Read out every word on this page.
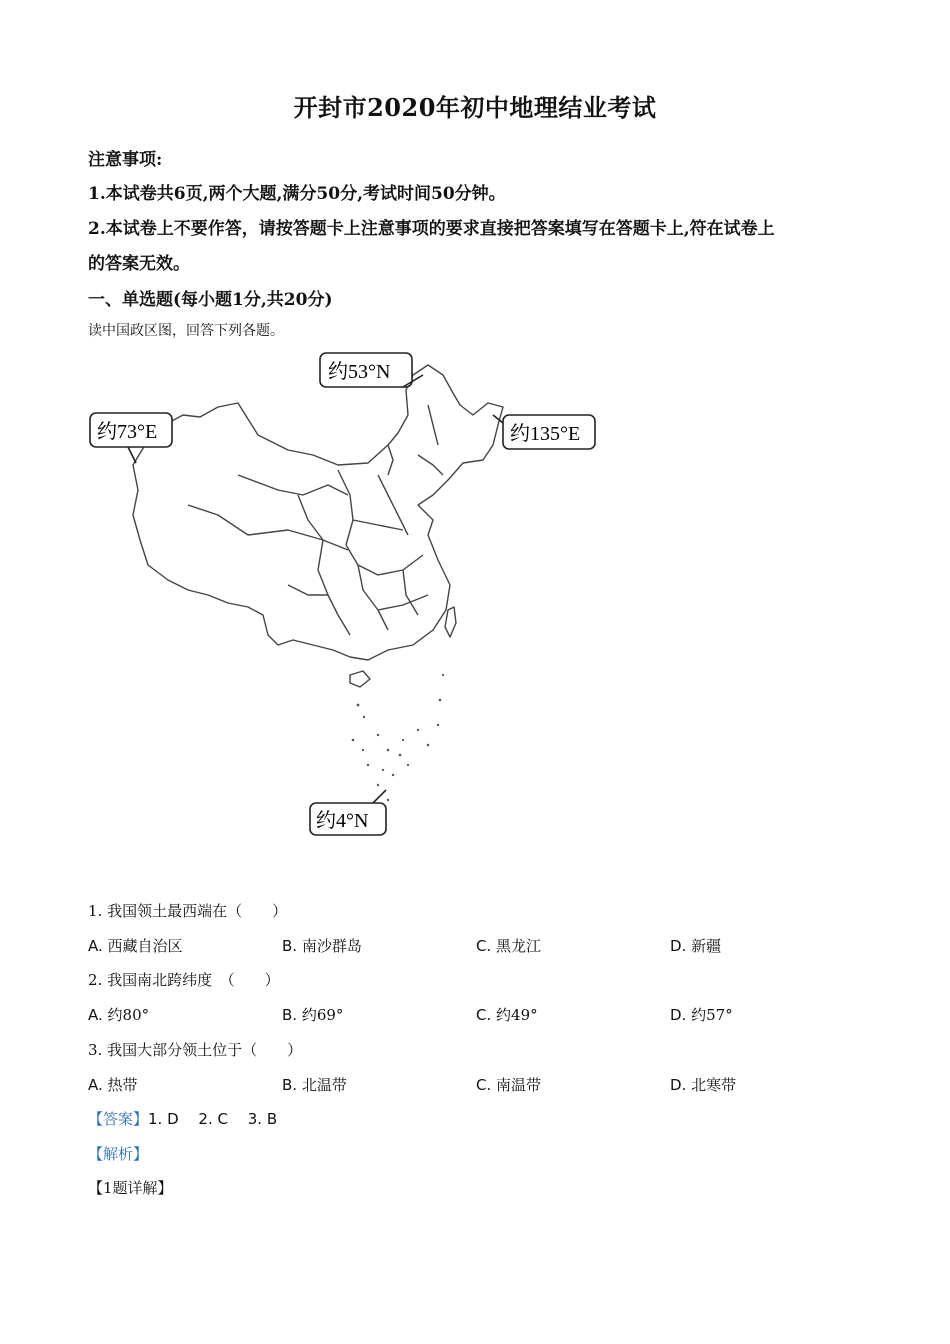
开封市2020年初中地理结业考试
注意事项:
1.本试卷共6页,两个大题,满分50分,考试时间50分钟。
2.本试卷上不要作答，请按答题卡上注意事项的要求直接把答案填写在答题卡上,符在试卷上
的答案无效。
一、单选题(每小题1分,共20分)
读中国政区图，回答下列各题。
约53°N
约73°E	约135°E
约4°N
1. 我国领土最西端在（　　）
A. 西藏自治区	B. 南沙群岛	C. 黑龙江	D. 新疆
2. 我国南北跨纬度　（　　）
A. 约80°	B. 约69°	C. 约49°	D. 约57°
3. 我国大部分领土位于（　　）
A. 热带	B. 北温带	C. 南温带	D. 北寒带
【答案】1. D　 2. C　 3. B
【解析】
【1题详解】
